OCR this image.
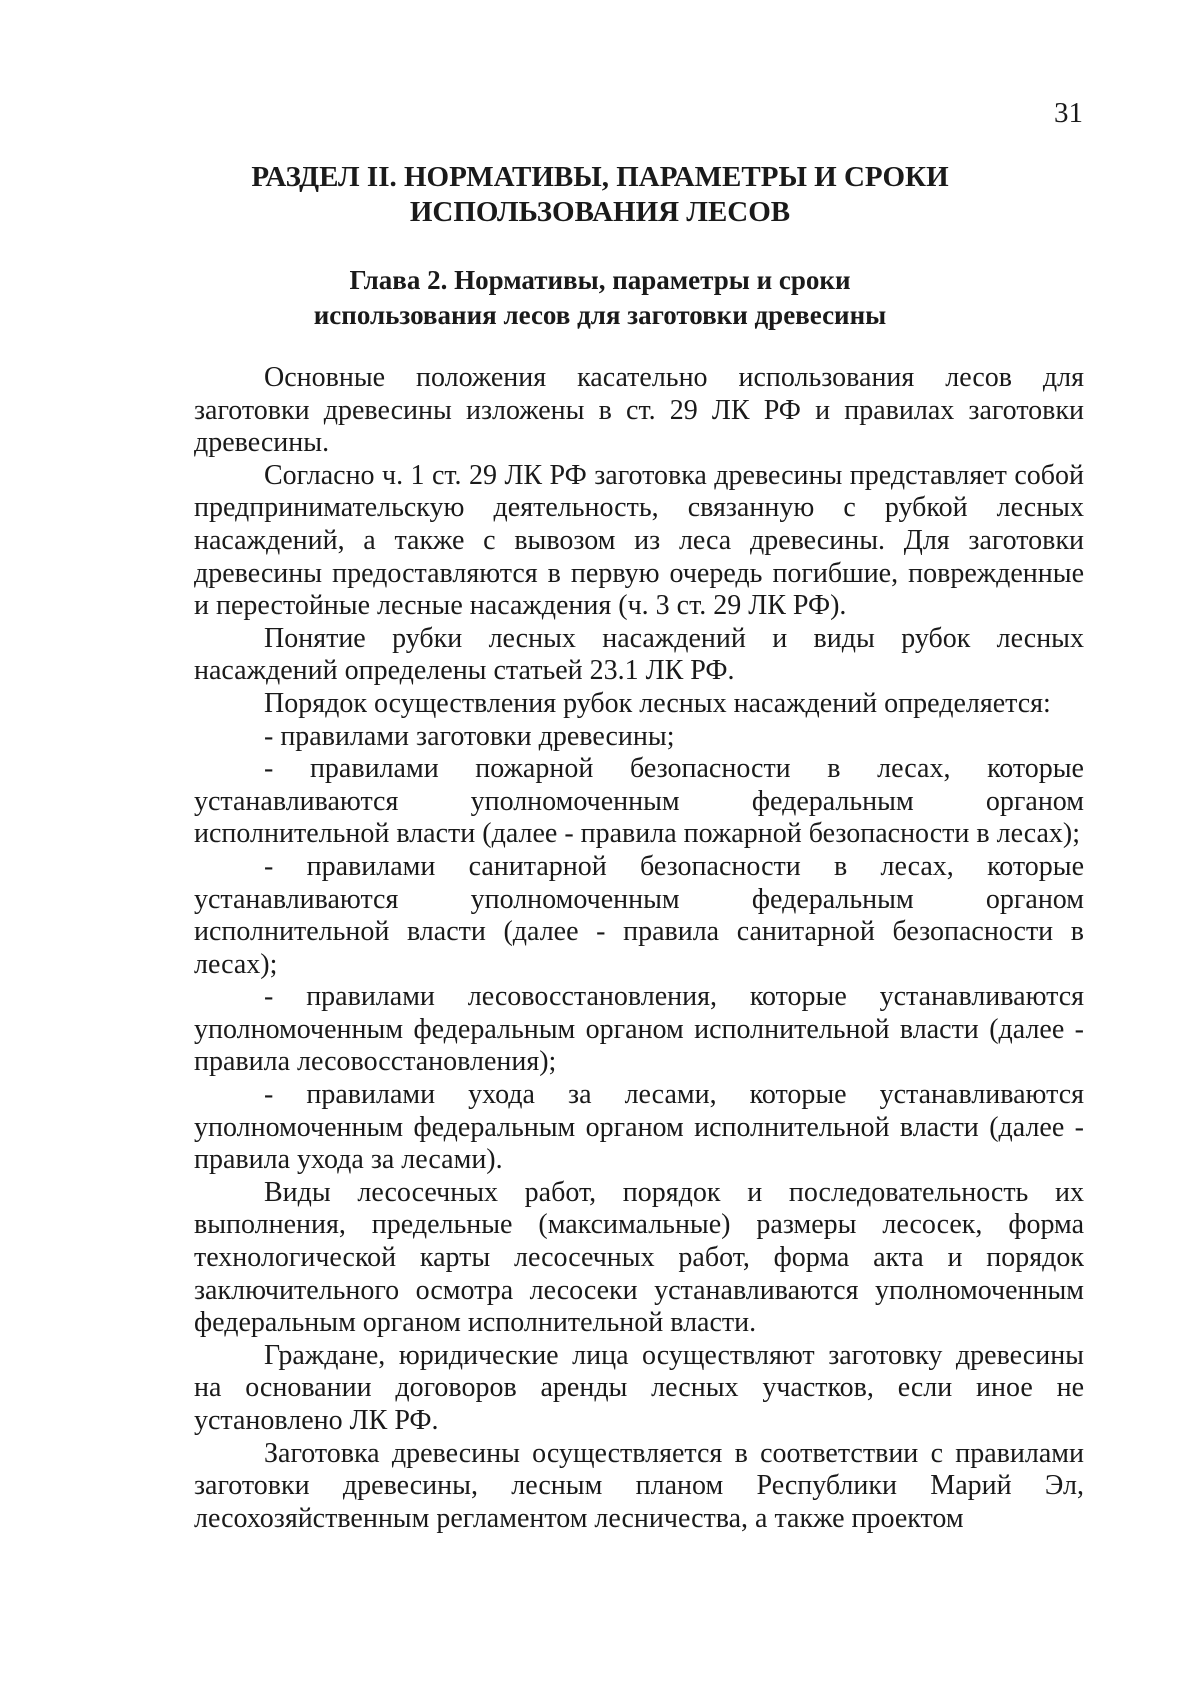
31
РАЗДЕЛ II. НОРМАТИВЫ, ПАРАМЕТРЫ И СРОКИ
ИСПОЛЬЗОВАНИЯ ЛЕСОВ
Глава 2. Нормативы, параметры и сроки
использования лесов для заготовки древесины

Основные положения касательно использования лесов для заготовки древесины изложены в ст. 29 ЛК РФ и правилах заготовки древесины.

Согласно ч. 1 ст. 29 ЛК РФ заготовка древесины представляет собой предпринимательскую деятельность, связанную с рубкой лесных насаждений, а также с вывозом из леса древесины. Для заготовки древесины предоставляются в первую очередь погибшие, поврежденные и перестойные лесные насаждения (ч. 3 ст. 29 ЛК РФ).

Понятие рубки лесных насаждений и виды рубок лесных насаждений определены статьей 23.1 ЛК РФ.

Порядок осуществления рубок лесных насаждений определяется:

- правилами заготовки древесины;

- правилами пожарной безопасности в лесах, которые устанавливаются уполномоченным федеральным органом исполнительной власти (далее - правила пожарной безопасности в лесах);

- правилами санитарной безопасности в лесах, которые устанавливаются уполномоченным федеральным органом исполнительной власти (далее - правила санитарной безопасности в лесах);

- правилами лесовосстановления, которые устанавливаются уполномоченным федеральным органом исполнительной власти (далее - правила лесовосстановления);

- правилами ухода за лесами, которые устанавливаются уполномоченным федеральным органом исполнительной власти (далее - правила ухода за лесами).

Виды лесосечных работ, порядок и последовательность их выполнения, предельные (максимальные) размеры лесосек, форма технологической карты лесосечных работ, форма акта и порядок заключительного осмотра лесосеки устанавливаются уполномоченным федеральным органом исполнительной власти.

Граждане, юридические лица осуществляют заготовку древесины на основании договоров аренды лесных участков, если иное не установлено ЛК РФ.

Заготовка древесины осуществляется в соответствии с правилами заготовки древесины, лесным планом Республики Марий Эл, лесохозяйственным регламентом лесничества, а также проектом
